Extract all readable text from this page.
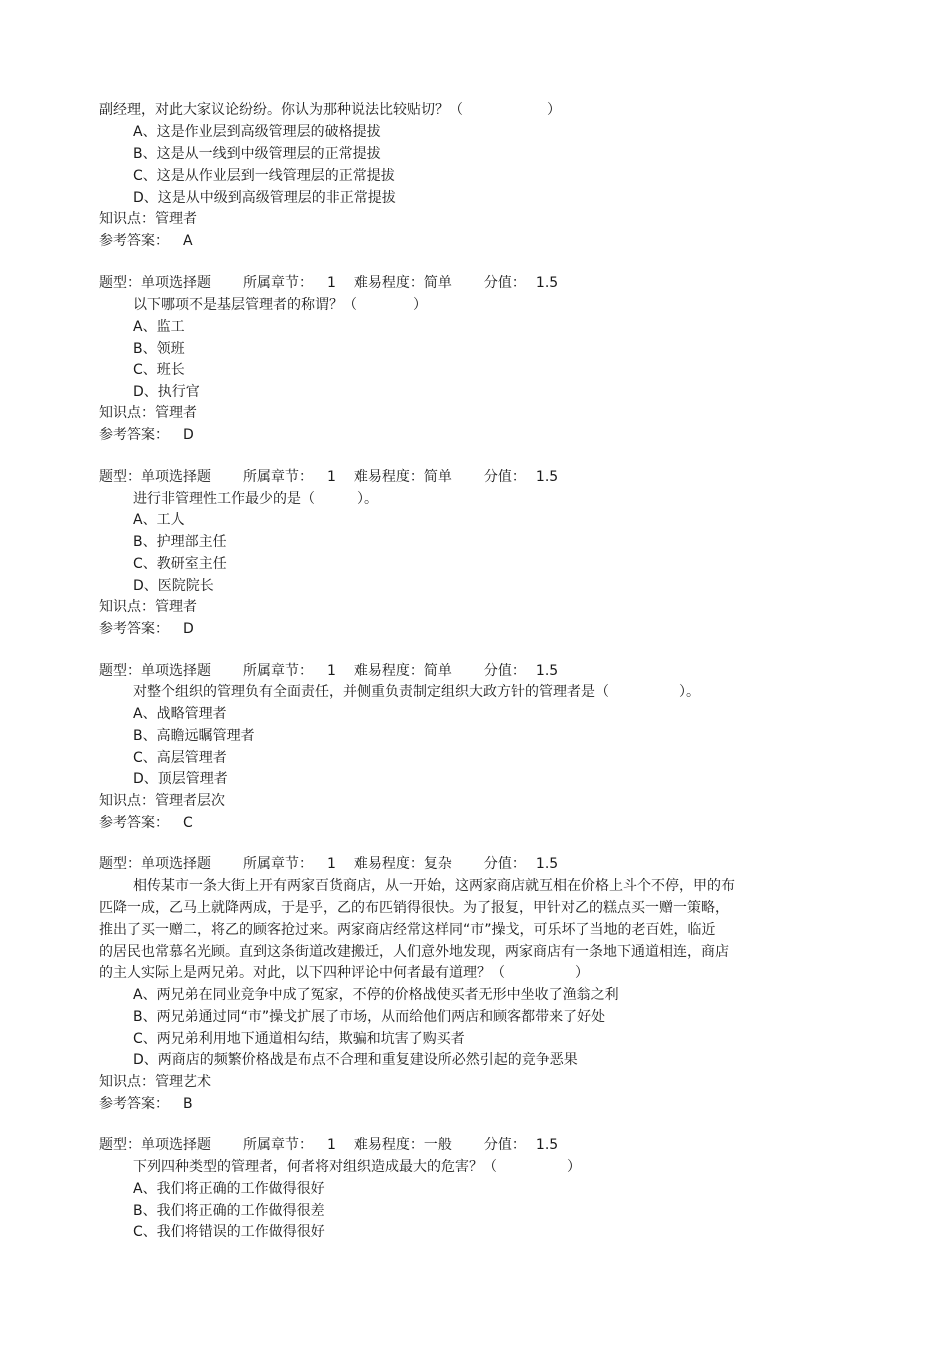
副经理，对此大家议论纷纷。你认为那种说法比较贴切？（　　　　　　）
A、这是作业层到高级管理层的破格提拔
B、这是从一线到中级管理层的正常提拔
C、这是从作业层到一线管理层的正常提拔
D、这是从中级到高级管理层的非正常提拔
知识点：管理者
参考答案： A
题型：单项选择题 所属章节： 1 难易程度：简单 分值： 1.5
以下哪项不是基层管理者的称谓？（　　　　）
A、监工
B、领班
C、班长
D、执行官
知识点：管理者
参考答案： D
题型：单项选择题 所属章节： 1 难易程度：简单 分值： 1.5
进行非管理性工作最少的是（　　　）。
A、工人
B、护理部主任
C、教研室主任
D、医院院长
知识点：管理者
参考答案： D
题型：单项选择题 所属章节： 1 难易程度：简单 分值： 1.5
对整个组织的管理负有全面责任，并侧重负责制定组织大政方针的管理者是（　　　　　）。
A、战略管理者
B、高瞻远瞩管理者
C、高层管理者
D、顶层管理者
知识点：管理者层次
参考答案： C
题型：单项选择题 所属章节： 1 难易程度：复杂 分值： 1.5
相传某市一条大街上开有两家百货商店，从一开始，这两家商店就互相在价格上斗个不停，甲的布
匹降一成，乙马上就降两成，于是乎，乙的布匹销得很快。为了报复，甲针对乙的糕点买一赠一策略，
推出了买一赠二，将乙的顾客抢过来。两家商店经常这样同“市”操戈，可乐坏了当地的老百姓，临近
的居民也常慕名光顾。直到这条街道改建搬迁，人们意外地发现，两家商店有一条地下通道相连，商店
的主人实际上是两兄弟。对此，以下四种评论中何者最有道理？（　　　　　）
A、两兄弟在同业竞争中成了冤家，不停的价格战使买者无形中坐收了渔翁之利
B、两兄弟通过同“市”操戈扩展了市场，从而给他们两店和顾客都带来了好处
C、两兄弟利用地下通道相勾结，欺骗和坑害了购买者
D、两商店的频繁价格战是布点不合理和重复建设所必然引起的竞争恶果
知识点：管理艺术
参考答案： B
题型：单项选择题 所属章节： 1 难易程度：一般 分值： 1.5
下列四种类型的管理者，何者将对组织造成最大的危害？（　　　　　）
A、我们将正确的工作做得很好
B、我们将正确的工作做得很差
C、我们将错误的工作做得很好
